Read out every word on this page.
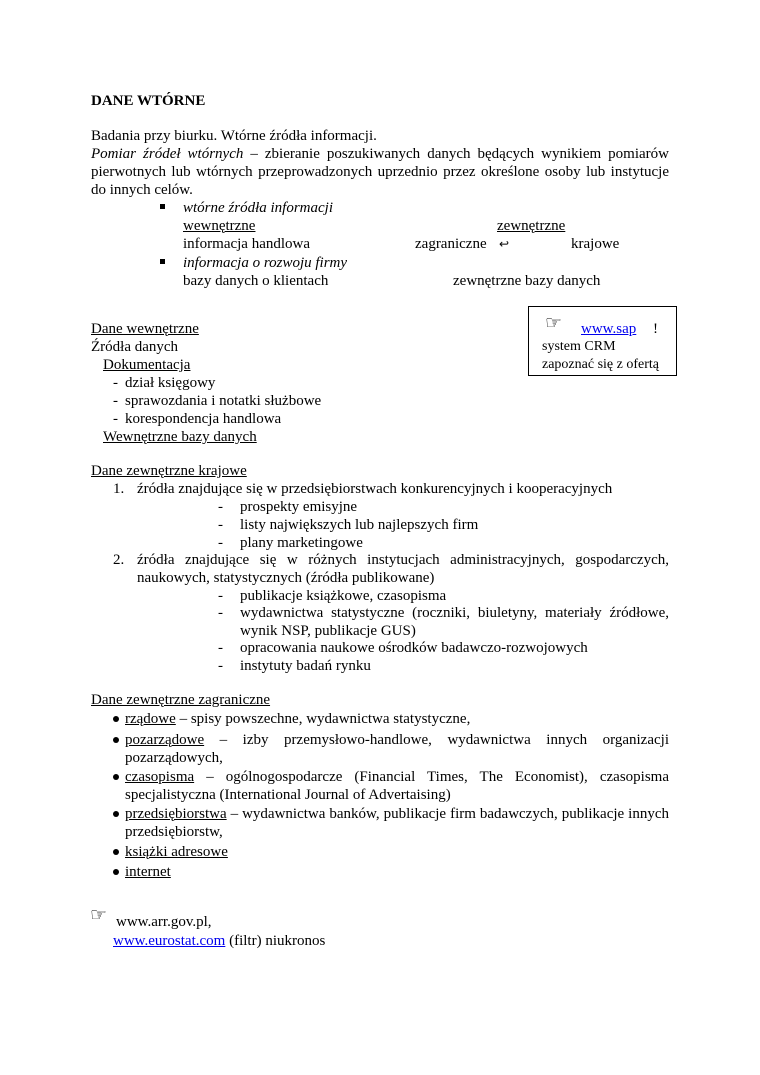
DANE WTÓRNE
Badania przy biurku. Wtórne źródła informacji.
Pomiar źródeł wtórnych – zbieranie poszukiwanych danych będących wynikiem pomiarów pierwotnych lub wtórnych przeprowadzonych uprzednio przez określone osoby lub instytucje do innych celów.
wtórne źródła informacji
wewnętrzne	zewnętrzne
informacja handlowa	zagraniczne ↩	krajowe
informacja o rozwoju firmy
bazy danych o klientach	zewnętrzne bazy danych
☞ www.sap !
system CRM
zapoznać się z ofertą
Dane wewnętrzne
Źródła danych
Dokumentacja
- dział księgowy
- sprawozdania i notatki służbowe
- korespondencja handlowa
Wewnętrzne bazy danych
Dane zewnętrzne krajowe
1. źródła znajdujące się w przedsiębiorstwach konkurencyjnych i kooperacyjnych
- prospekty emisyjne
- listy największych lub najlepszych firm
- plany marketingowe
2. źródła znajdujące się w różnych instytucjach administracyjnych, gospodarczych, naukowych, statystycznych (źródła publikowane)
- publikacje książkowe, czasopisma
- wydawnictwa statystyczne (roczniki, biuletyny, materiały źródłowe, wynik NSP, publikacje GUS)
- opracowania naukowe ośrodków badawczo-rozwojowych
- instytuty badań rynku
Dane zewnętrzne zagraniczne
rządowe – spisy powszechne, wydawnictwa statystyczne,
pozarządowe – izby przemysłowo-handlowe, wydawnictwa innych organizacji pozarządowych,
czasopisma – ogólnogospodarcze (Financial Times, The Economist), czasopisma specjalistyczna (International Journal of Advertaising)
przedsiębiorstwa – wydawnictwa banków, publikacje firm badawczych, publikacje innych przedsiębiorstw,
książki adresowe
internet
☞ www.arr.gov.pl,
www.eurostat.com (filtr) niukronos
